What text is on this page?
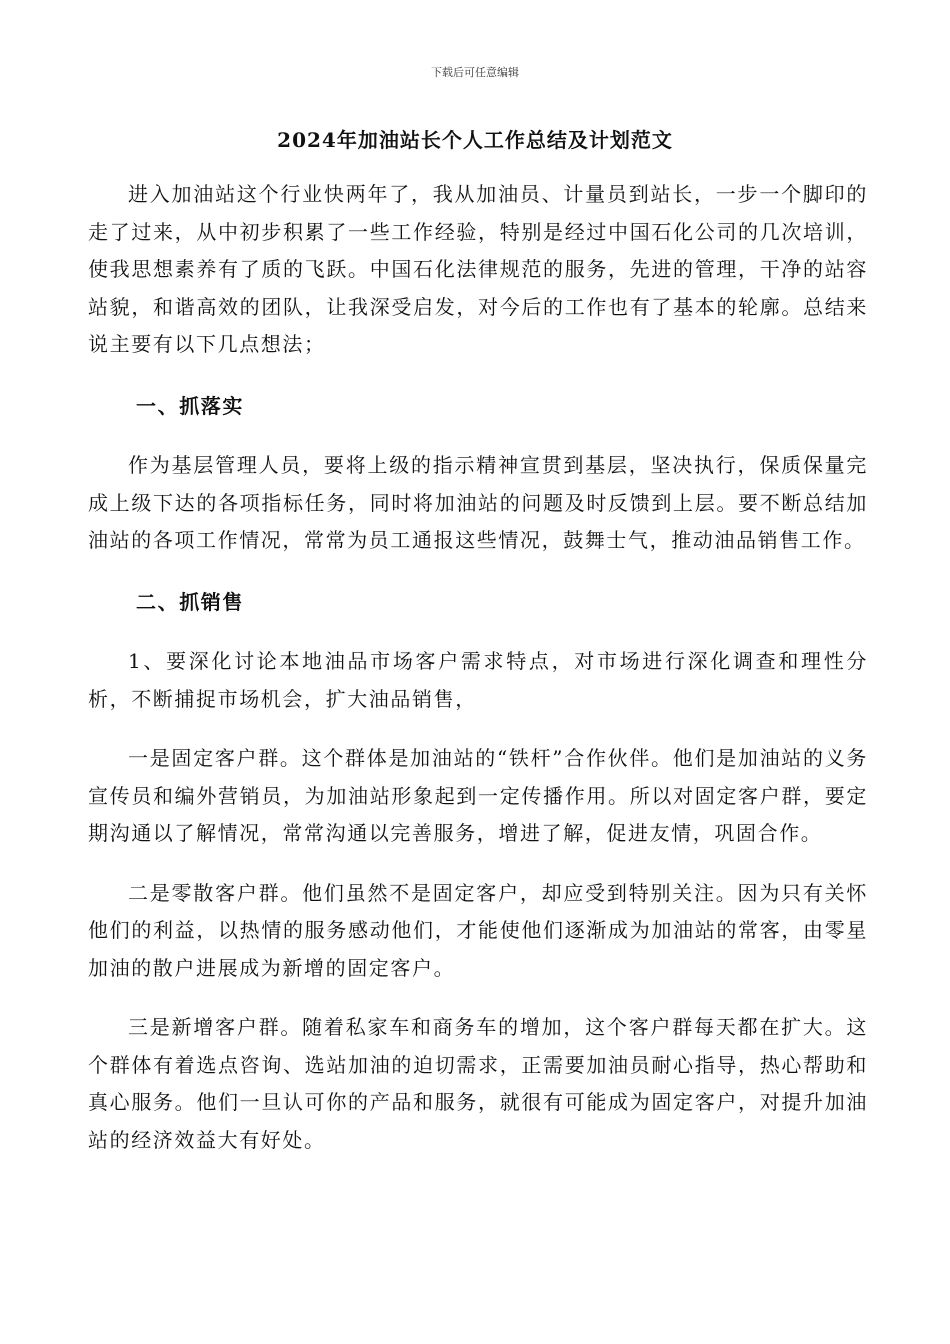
下载后可任意编辑
2024年加油站长个人工作总结及计划范文

进入加油站这个行业快两年了，我从加油员、计量员到站长，一步一个脚印的走了过来，从中初步积累了一些工作经验，特别是经过中国石化公司的几次培训，使我思想素养有了质的飞跃。中国石化法律规范的服务，先进的管理，干净的站容站貌，和谐高效的团队，让我深受启发，对今后的工作也有了基本的轮廓。总结来说主要有以下几点想法；

一、抓落实

作为基层管理人员，要将上级的指示精神宣贯到基层，坚决执行，保质保量完成上级下达的各项指标任务，同时将加油站的问题及时反馈到上层。要不断总结加油站的各项工作情况，常常为员工通报这些情况，鼓舞士气，推动油品销售工作。

二、抓销售

1、要深化讨论本地油品市场客户需求特点，对市场进行深化调查和理性分析，不断捕捉市场机会，扩大油品销售，

一是固定客户群。这个群体是加油站的“铁杆”合作伙伴。他们是加油站的义务宣传员和编外营销员，为加油站形象起到一定传播作用。所以对固定客户群，要定期沟通以了解情况，常常沟通以完善服务，增进了解，促进友情，巩固合作。

二是零散客户群。他们虽然不是固定客户，却应受到特别关注。因为只有关怀他们的利益，以热情的服务感动他们，才能使他们逐渐成为加油站的常客，由零星加油的散户进展成为新增的固定客户。

三是新增客户群。随着私家车和商务车的增加，这个客户群每天都在扩大。这个群体有着选点咨询、选站加油的迫切需求，正需要加油员耐心指导，热心帮助和真心服务。他们一旦认可你的产品和服务，就很有可能成为固定客户，对提升加油站的经济效益大有好处。
